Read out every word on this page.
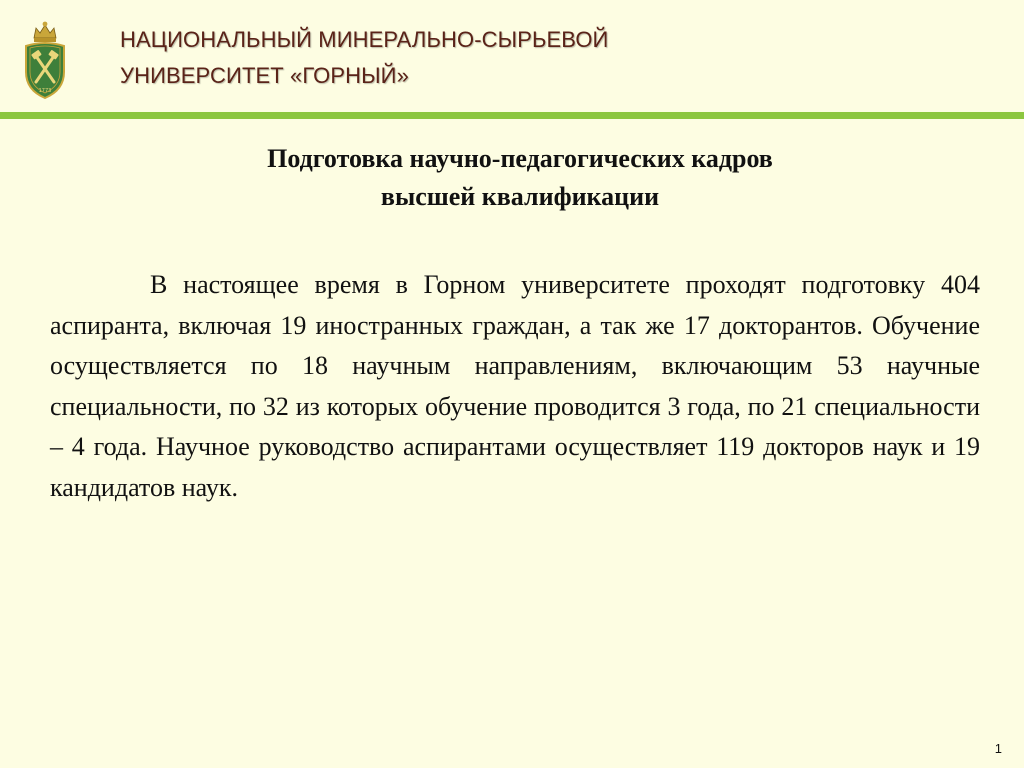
1773
НАЦИОНАЛЬНЫЙ МИНЕРАЛЬНО-СЫРЬЕВОЙ
УНИВЕРСИТЕТ «ГОРНЫЙ»
Подготовка научно-педагогических кадров
высшей квалификации

В настоящее время в Горном университете проходят подготовку 404 аспиранта, включая 19 иностранных граждан, а так же 17 докторантов. Обучение осуществляется по 18 научным направлениям, включающим 53 научные специальности, по 32 из которых обучение проводится 3 года, по 21 специальности – 4 года. Научное руководство аспирантами осуществляет 119 докторов наук и 19 кандидатов наук.

1
